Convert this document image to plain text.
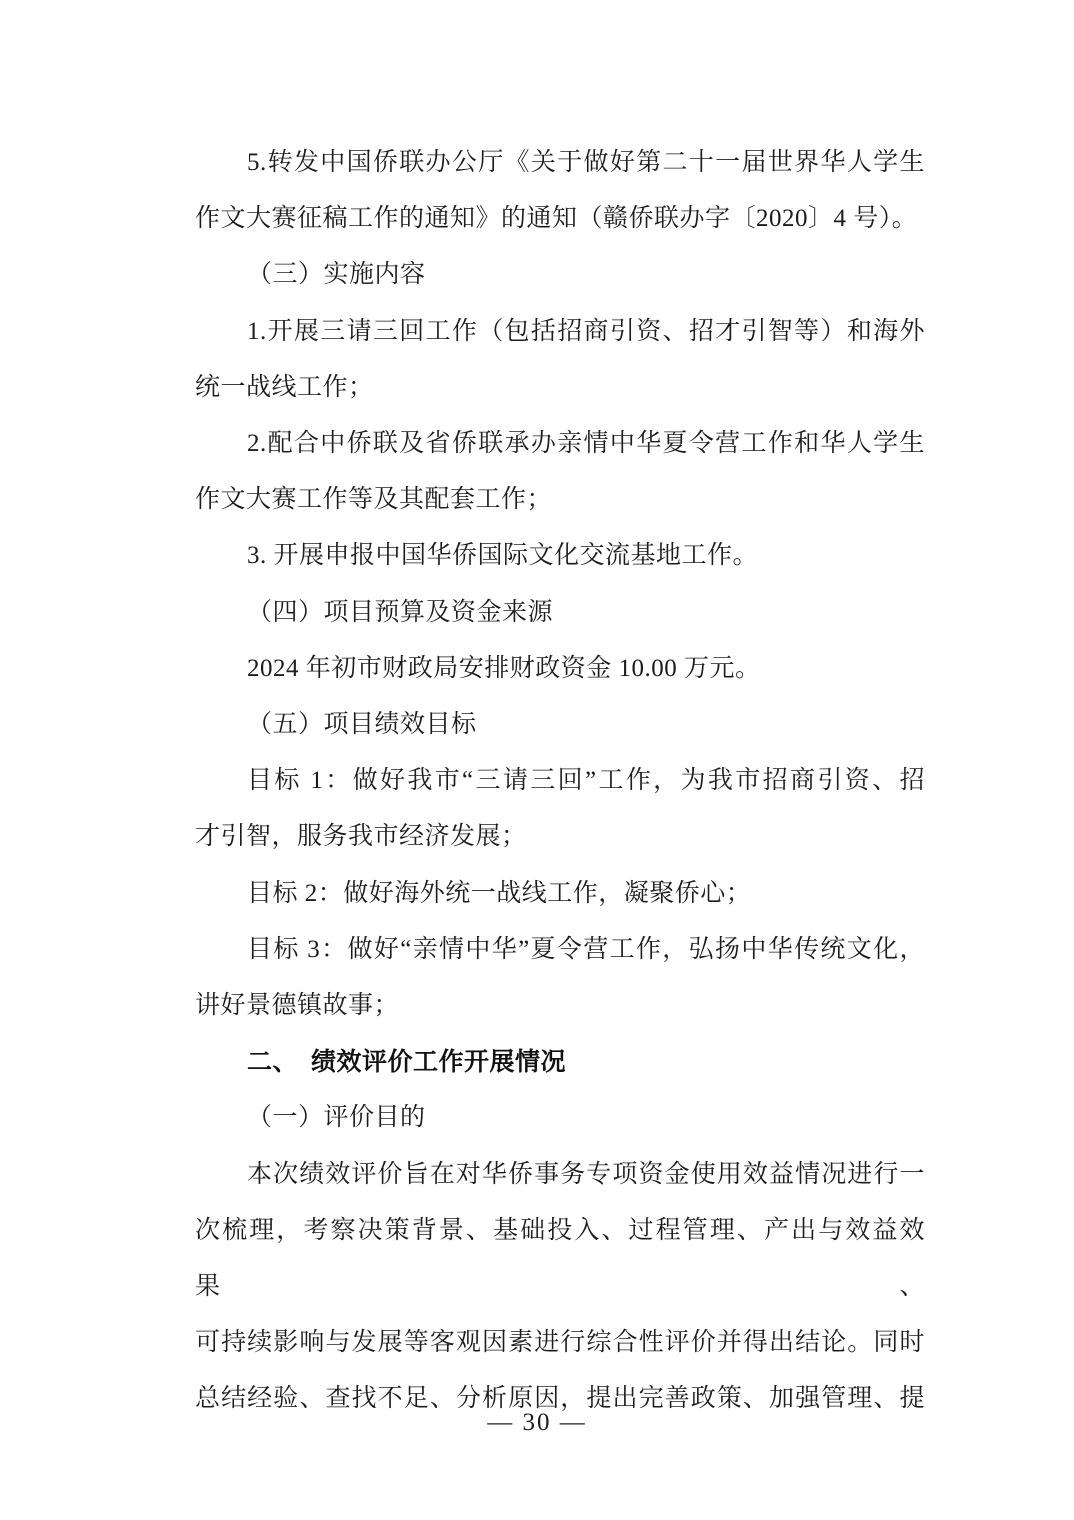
5.转发中国侨联办公厅《关于做好第二十一届世界华人学生
作文大赛征稿工作的通知》的通知（赣侨联办字〔2020〕4 号）。
（三）实施内容
1.开展三请三回工作（包括招商引资、招才引智等）和海外
统一战线工作；
2.配合中侨联及省侨联承办亲情中华夏令营工作和华人学生
作文大赛工作等及其配套工作；
3. 开展申报中国华侨国际文化交流基地工作。
（四）项目预算及资金来源
2024 年初市财政局安排财政资金 10.00 万元。
（五）项目绩效目标
目标 1：做好我市“三请三回”工作，为我市招商引资、招
才引智，服务我市经济发展；
目标 2：做好海外统一战线工作，凝聚侨心；
目标 3：做好“亲情中华”夏令营工作，弘扬中华传统文化，
讲好景德镇故事；
二、　绩效评价工作开展情况
（一）评价目的
本次绩效评价旨在对华侨事务专项资金使用效益情况进行一
次梳理，考察决策背景、基础投入、过程管理、产出与效益效果、
可持续影响与发展等客观因素进行综合性评价并得出结论。同时
总结经验、查找不足、分析原因，提出完善政策、加强管理、提
— 30 —
